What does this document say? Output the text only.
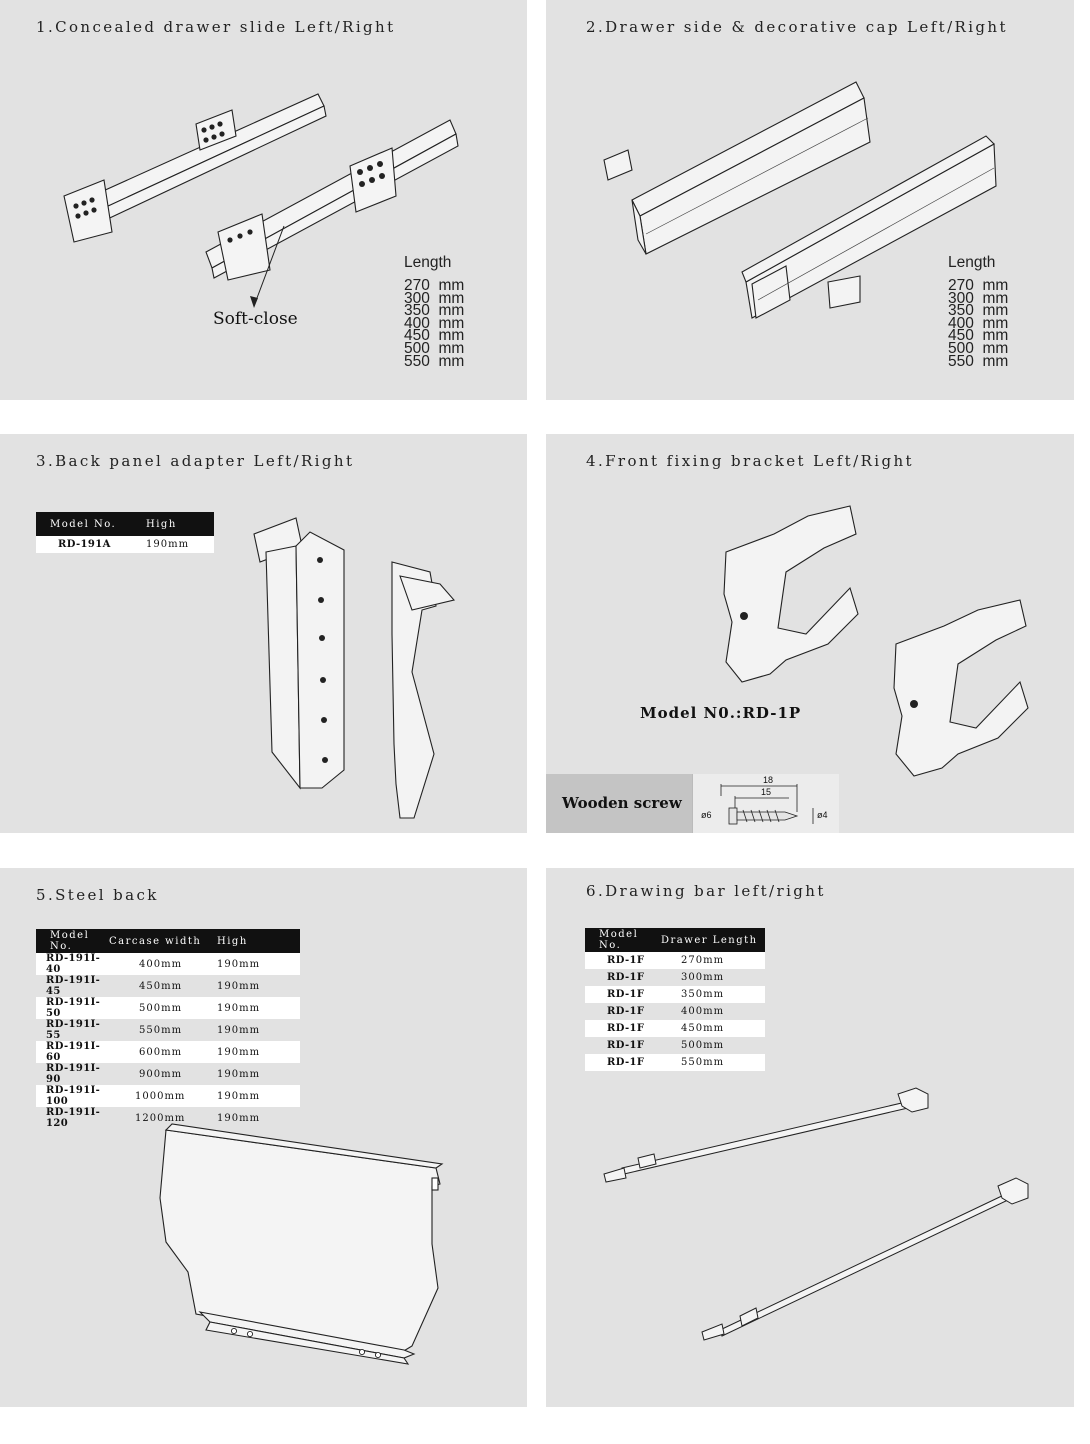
1.Concealed drawer slide Left/Right
Soft-close
Length
270  mm
300  mm
350  mm
400  mm
450  mm
500  mm
550  mm
2.Drawer side & decorative cap Left/Right
Length
270  mm
300  mm
350  mm
400  mm
450  mm
500  mm
550  mm
3.Back panel adapter Left/Right
Model No.	High
RD-191A	190mm
4.Front fixing bracket Left/Right
Model N0.:RD-1P
Wooden screw
18
15
ø6	ø4
5.Steel back
Model No.	Carcase width	High
RD-191I-40	400mm	190mm
RD-191I-45	450mm	190mm
RD-191I-50	500mm	190mm
RD-191I-55	550mm	190mm
RD-191I-60	600mm	190mm
RD-191I-90	900mm	190mm
RD-191I-100	1000mm	190mm
RD-191I-120	1200mm	190mm
6.Drawing bar left/right
Model No.	Drawer Length
RD-1F	270mm
RD-1F	300mm
RD-1F	350mm
RD-1F	400mm
RD-1F	450mm
RD-1F	500mm
RD-1F	550mm
